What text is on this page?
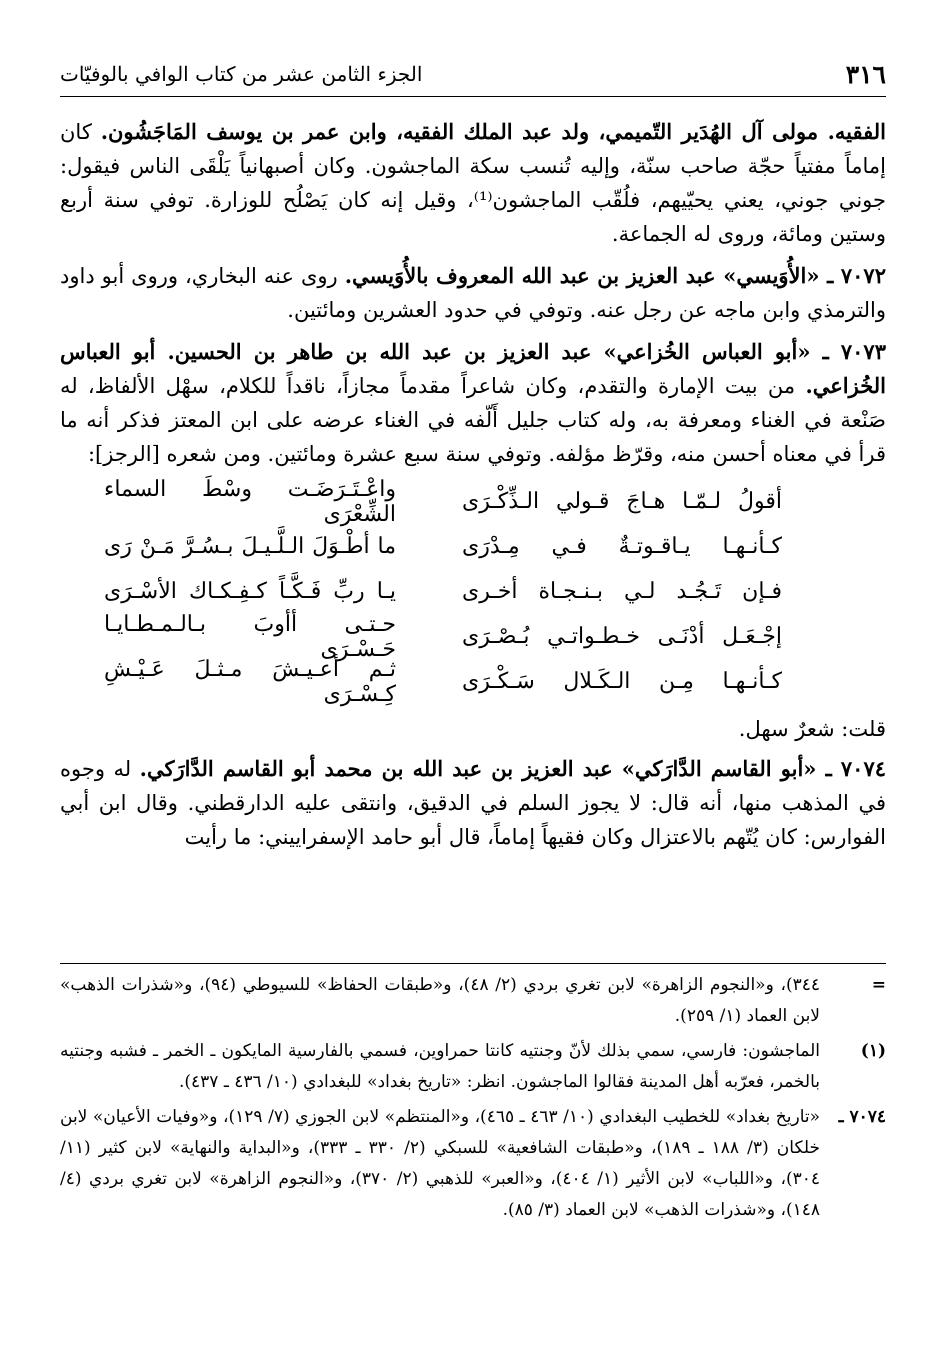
٣١٦
الجزء الثامن عشر من كتاب الوافي بالوفيّات

الفقيه. مولى آل الهُدَير التّميمي، ولد عبد الملك الفقيه، وابن عمر بن يوسف المَاجَشُون. كان إماماً مفتياً حجّة صاحب سنّة، وإليه تُنسب سكة الماجشون. وكان أصبهانياً يَلْقَى الناس فيقول: جوني جوني، يعني يحيّيهم، فلُقّب الماجشون⁽¹⁾، وقيل إنه كان يَصْلُح للوزارة. توفي سنة أربع وستين ومائة، وروى له الجماعة.

٧٠٧٢ ـ «الأُوَيسي» عبد العزيز بن عبد الله المعروف بالأُوَيسي. روى عنه البخاري، وروى أبو داود والترمذي وابن ماجه عن رجل عنه. وتوفي في حدود العشرين ومائتين.

٧٠٧٣ ـ «أبو العباس الخُزاعي» عبد العزيز بن عبد الله بن طاهر بن الحسين. أبو العباس الخُزاعي. من بيت الإمارة والتقدم، وكان شاعراً مقدماً مجازاً، ناقداً للكلام، سهْل الألفاظ، له صَنْعة في الغناء ومعرفة به، وله كتاب جليل أَلّفه في الغناء عرضه على ابن المعتز فذكر أنه ما قرأ في معناه أحسن منه، وقرّظ مؤلفه. وتوفي سنة سبع عشرة ومائتين. ومن شعره [الرجز]:

أقولُ لـمّـا هـاجَ قـولي الـذِّكْـرَى
واعْـتَـرَضَـت وسْطَ السماء الشِّعْرَى
كـأنـهـا يـاقـوتـةٌ فـي مِـدْرَى
ما أطْـوَلَ الـلَّـيـلَ بـسُـرَّ مَـنْ رَى
فـإن تَـجُـد لـي بـنـجـاة أخـرى
يـا ربِّ فَـكَّـاً كـفِـكـاك الأسْـرَى
إجْـعَـل أدْنَـى خـطـواتـي بُـصْـرَى
حـتـى أأوبَ بـالـمـطـايـا حَـسْـرَى
كـأنـهـا مِـن الـكَـلال سَـكْـرَى
ثـم أعـيـشَ مـثـلَ عَـيْـشِ كِـسْـرَى

قلت: شعرٌ سهل.

٧٠٧٤ ـ «أبو القاسم الدَّارَكي» عبد العزيز بن عبد الله بن محمد أبو القاسم الدَّارَكي. له وجوه في المذهب منها، أنه قال: لا يجوز السلم في الدقيق، وانتقى عليه الدارقطني. وقال ابن أبي الفوارس: كان يُتّهم بالاعتزال وكان فقيهاً إماماً، قال أبو حامد الإسفراييني: ما رأيت

=
٣٤٤)، و«النجوم الزاهرة» لابن تغري بردي (٢/ ٤٨)، و«طبقات الحفاظ» للسيوطي (٩٤)، و«شذرات الذهب» لابن العماد (١/ ٢٥٩).
(١)
الماجشون: فارسي، سمي بذلك لأنّ وجنتيه كانتا حمراوين، فسمي بالفارسية المايكون ـ الخمر ـ فشبه وجنتيه بالخمر، فعرّبه أهل المدينة فقالوا الماجشون. انظر: «تاريخ بغداد» للبغدادي (١٠/ ٤٣٦ ـ ٤٣٧).
٧٠٧٤ ـ
«تاريخ بغداد» للخطيب البغدادي (١٠/ ٤٦٣ ـ ٤٦٥)، و«المنتظم» لابن الجوزي (٧/ ١٢٩)، و«وفيات الأعيان» لابن خلكان (٣/ ١٨٨ ـ ١٨٩)، و«طبقات الشافعية» للسبكي (٢/ ٣٣٠ ـ ٣٣٣)، و«البداية والنهاية» لابن كثير (١١/ ٣٠٤)، و«اللباب» لابن الأثير (١/ ٤٠٤)، و«العبر» للذهبي (٢/ ٣٧٠)، و«النجوم الزاهرة» لابن تغري بردي (٤/ ١٤٨)، و«شذرات الذهب» لابن العماد (٣/ ٨٥).
